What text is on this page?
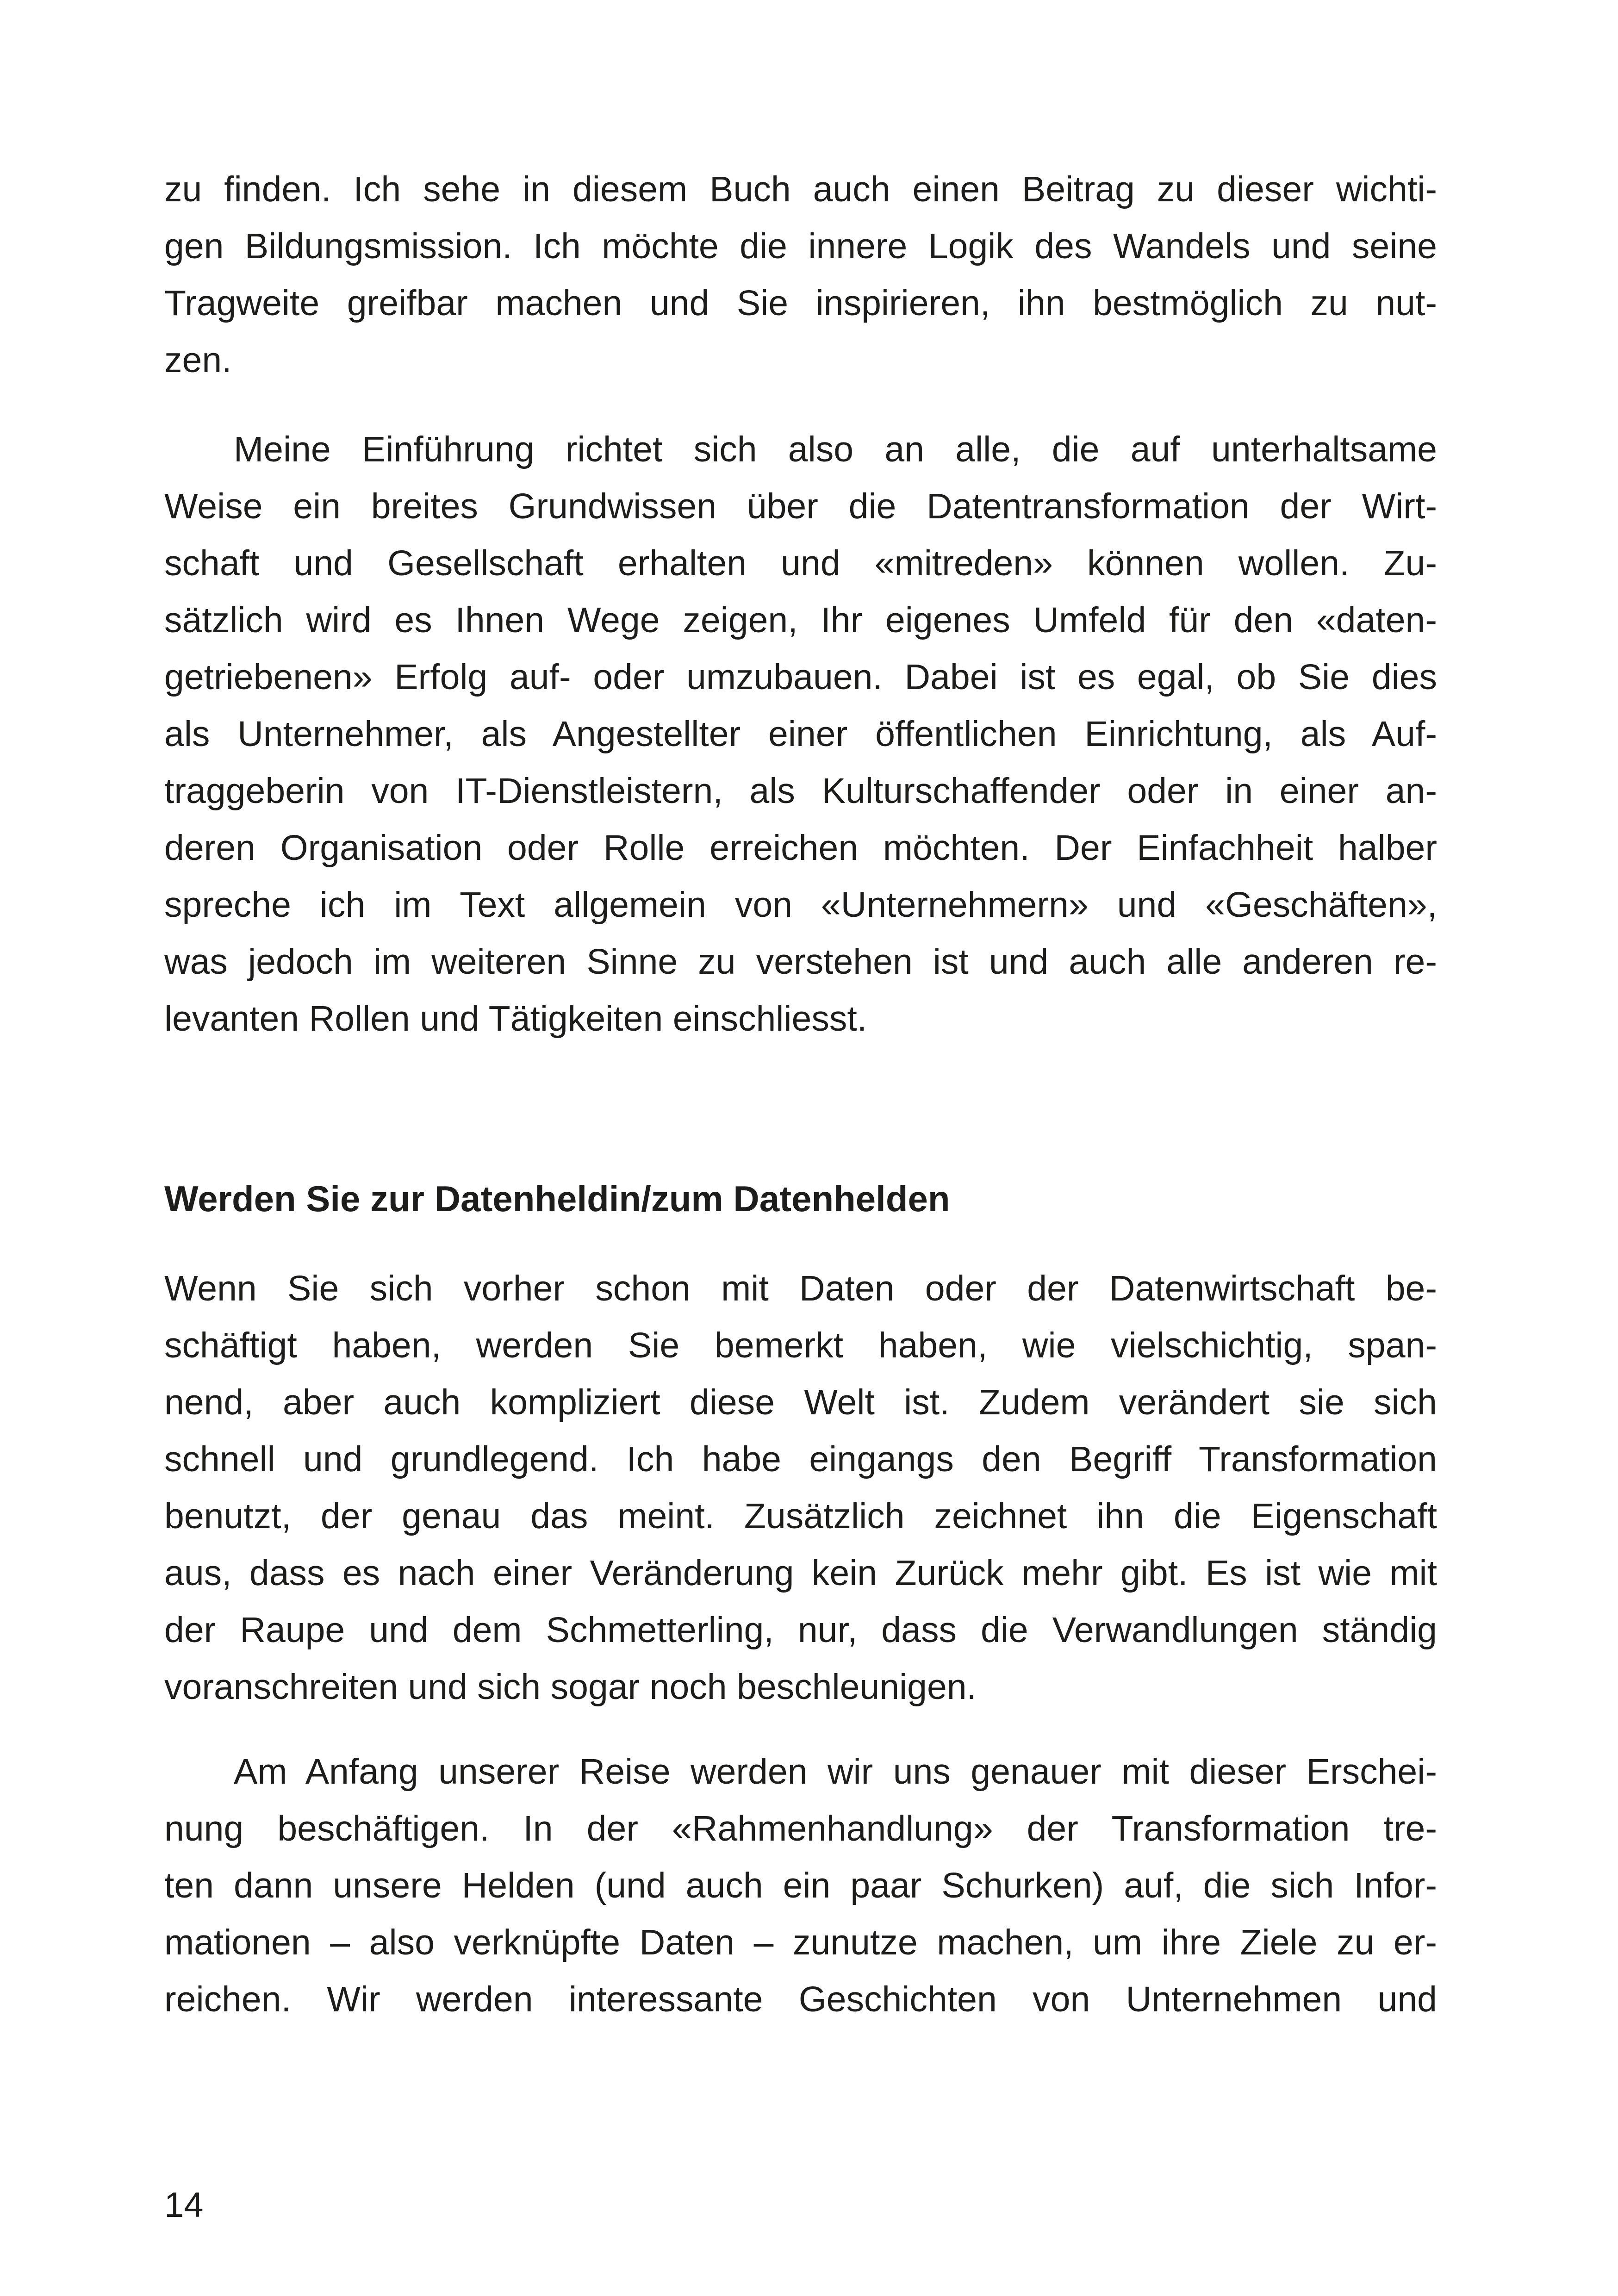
zu finden. Ich sehe in diesem Buch auch einen Beitrag zu dieser wichti-
gen Bildungsmission. Ich möchte die innere Logik des Wandels und seine
Tragweite greifbar machen und Sie inspirieren, ihn bestmöglich zu nut-
zen.
Meine Einführung richtet sich also an alle, die auf unterhaltsame
Weise ein breites Grundwissen über die Datentransformation der Wirt-
schaft und Gesellschaft erhalten und «mitreden» können wollen. Zu-
sätzlich wird es Ihnen Wege zeigen, Ihr eigenes Umfeld für den «daten-
getriebenen» Erfolg auf- oder umzubauen. Dabei ist es egal, ob Sie dies
als Unternehmer, als Angestellter einer öffentlichen Einrichtung, als Auf-
traggeberin von IT-Dienstleistern, als Kulturschaffender oder in einer an-
deren Organisation oder Rolle erreichen möchten. Der Einfachheit halber
spreche ich im Text allgemein von «Unternehmern» und «Geschäften»,
was jedoch im weiteren Sinne zu verstehen ist und auch alle anderen re-
levanten Rollen und Tätigkeiten einschliesst.
Werden Sie zur Datenheldin/zum Datenhelden
Wenn Sie sich vorher schon mit Daten oder der Datenwirtschaft be-
schäftigt haben, werden Sie bemerkt haben, wie vielschichtig, span-
nend, aber auch kompliziert diese Welt ist. Zudem verändert sie sich
schnell und grundlegend. Ich habe eingangs den Begriff Transformation
benutzt, der genau das meint. Zusätzlich zeichnet ihn die Eigenschaft
aus, dass es nach einer Veränderung kein Zurück mehr gibt. Es ist wie mit
der Raupe und dem Schmetterling, nur, dass die Verwandlungen ständig
voranschreiten und sich sogar noch beschleunigen.
Am Anfang unserer Reise werden wir uns genauer mit dieser Erschei-
nung beschäftigen. In der «Rahmenhandlung» der Transformation tre-
ten dann unsere Helden (und auch ein paar Schurken) auf, die sich Infor-
mationen – also verknüpfte Daten – zunutze machen, um ihre Ziele zu er-
reichen. Wir werden interessante Geschichten von Unternehmen und
14
